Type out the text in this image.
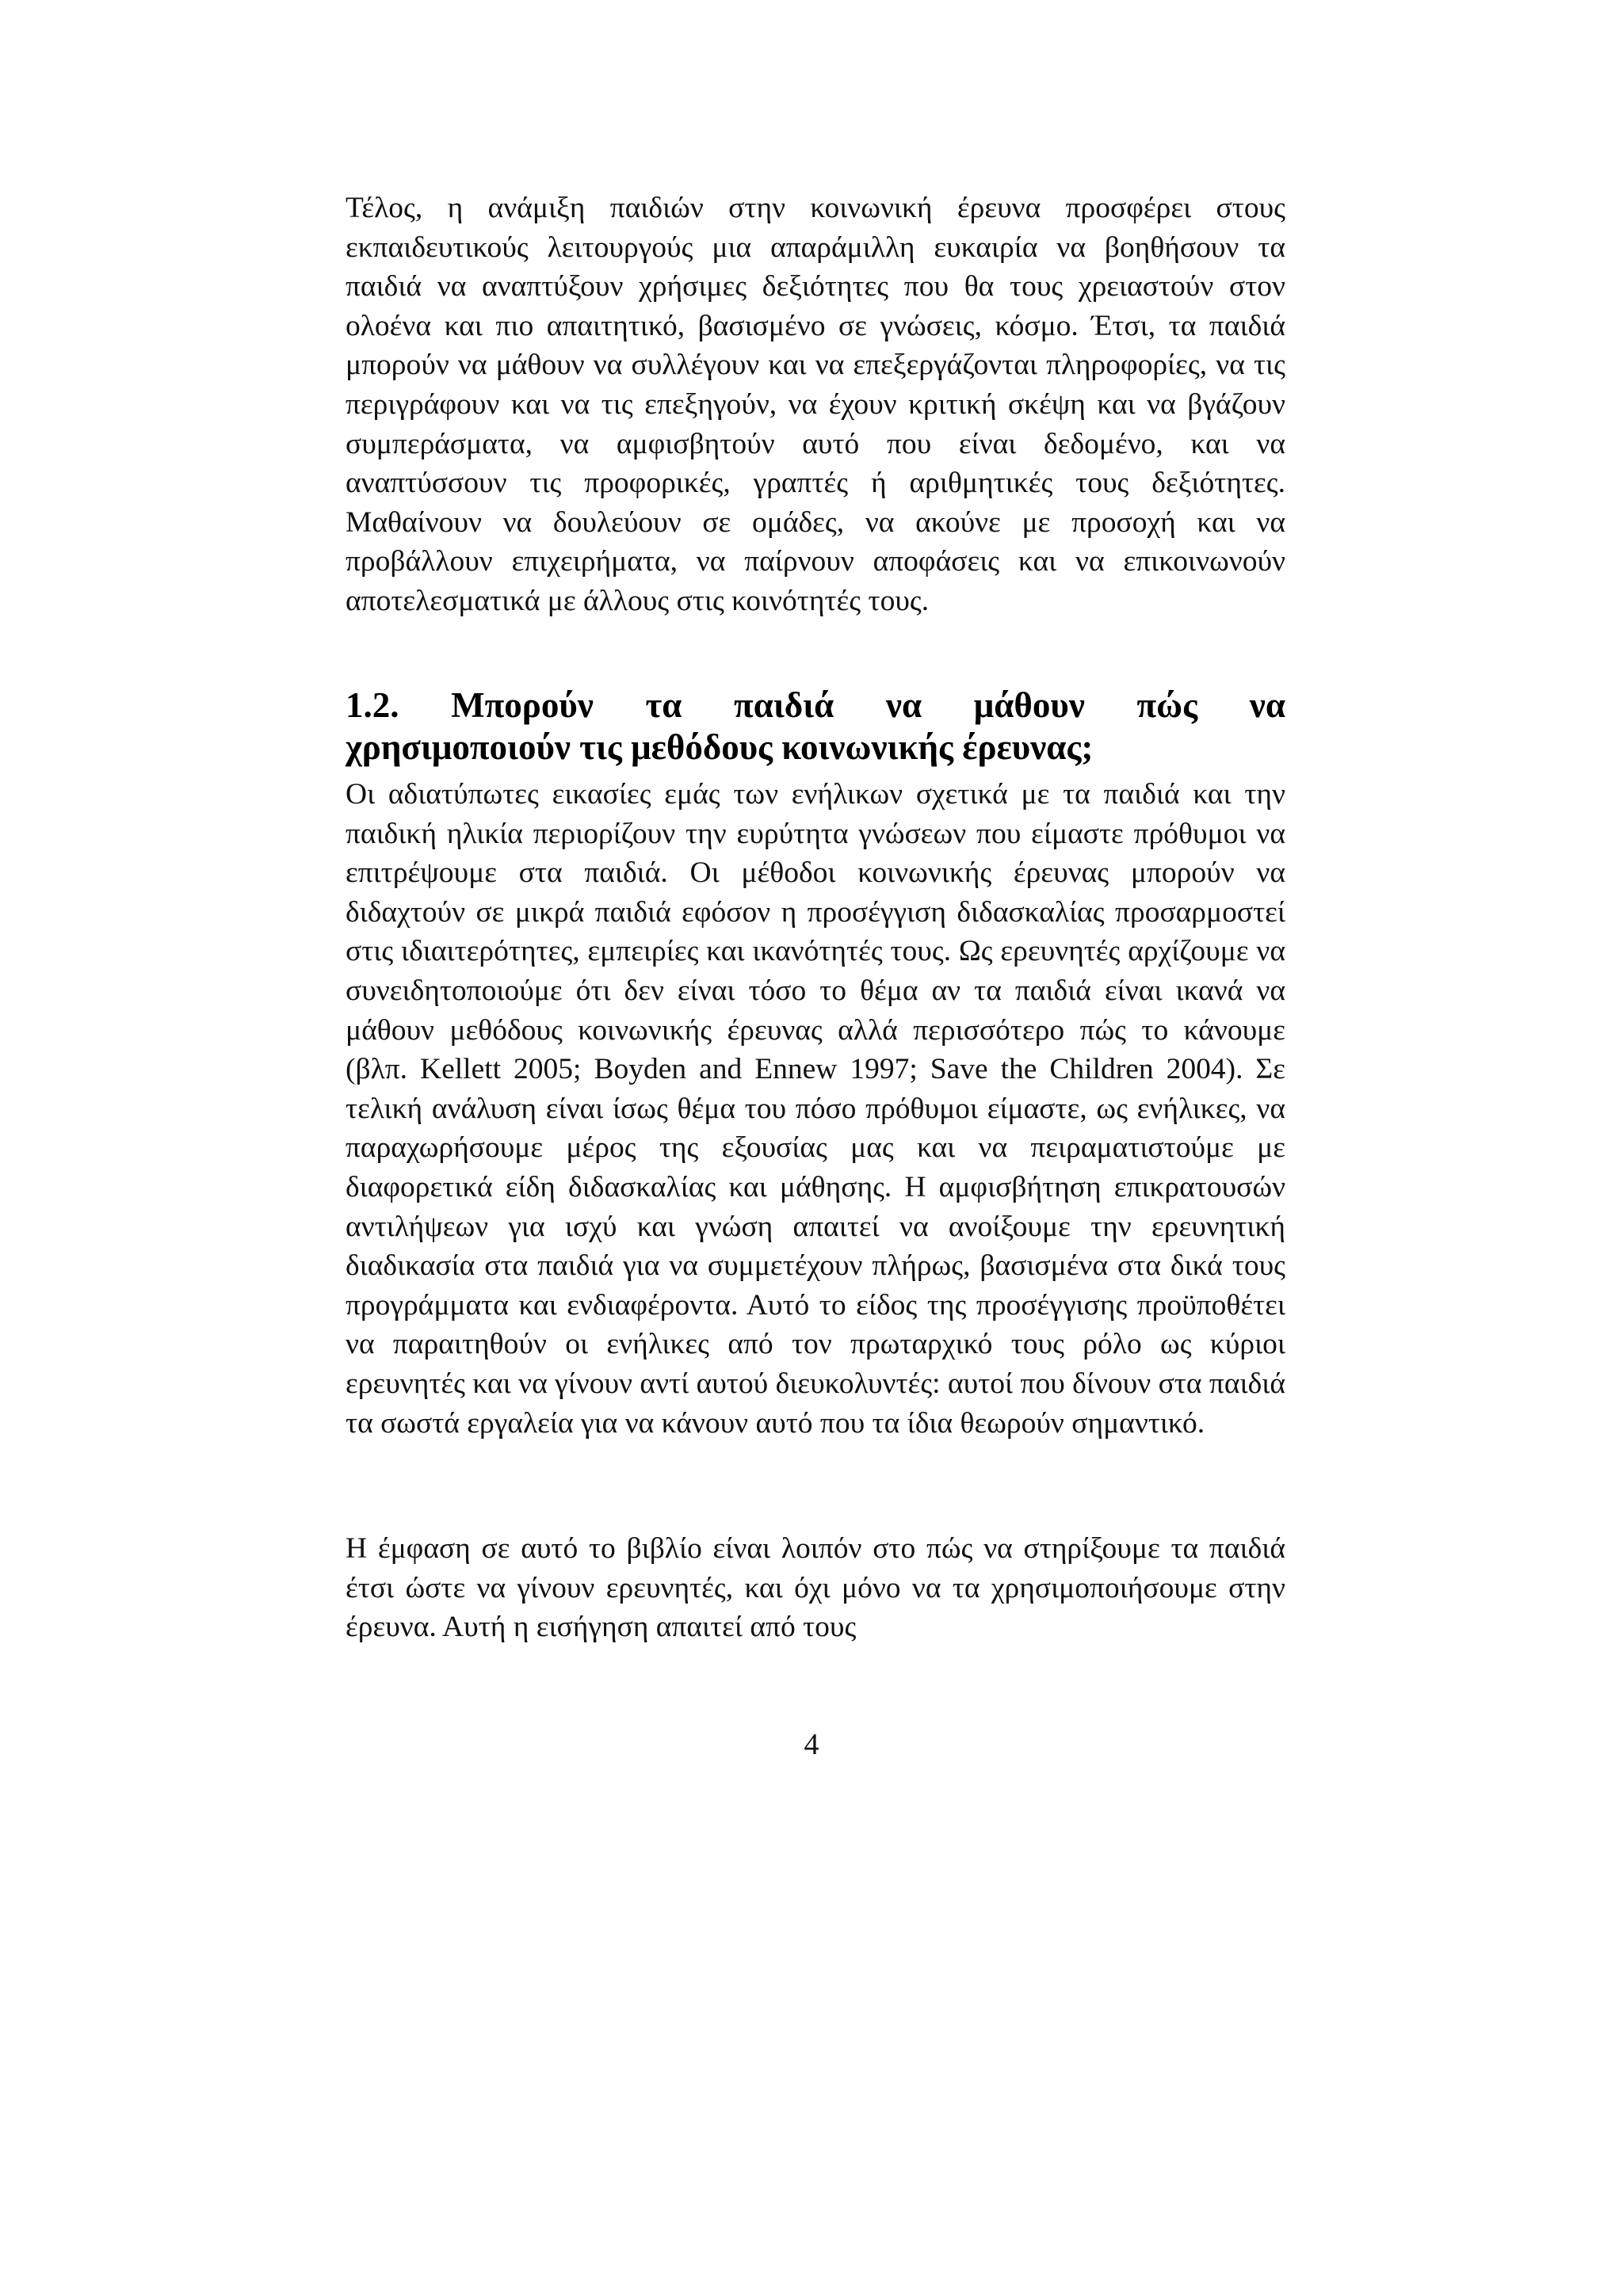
Τέλος, η ανάμιξη παιδιών στην κοινωνική έρευνα προσφέρει στους εκπαιδευτικούς λειτουργούς μια απαράμιλλη ευκαιρία να βοηθήσουν τα παιδιά να αναπτύξουν χρήσιμες δεξιότητες που θα τους χρειαστούν στον ολοένα και πιο απαιτητικό, βασισμένο σε γνώσεις, κόσμο. Έτσι, τα παιδιά μπορούν να μάθουν να συλλέγουν και να επεξεργάζονται πληροφορίες, να τις περιγράφουν και να τις επεξηγούν, να έχουν κριτική σκέψη και να βγάζουν συμπεράσματα, να αμφισβητούν αυτό που είναι δεδομένο, και να αναπτύσσουν τις προφορικές, γραπτές ή αριθμητικές τους δεξιότητες. Μαθαίνουν να δουλεύουν σε ομάδες, να ακούνε με προσοχή και να προβάλλουν επιχειρήματα, να παίρνουν αποφάσεις και να επικοινωνούν αποτελεσματικά με άλλους στις κοινότητές τους.

1.2. Μπορούν τα παιδιά να μάθουν πώς να
χρησιμοποιούν τις μεθόδους κοινωνικής έρευνας;

Οι αδιατύπωτες εικασίες εμάς των ενήλικων σχετικά με τα παιδιά και την παιδική ηλικία περιορίζουν την ευρύτητα γνώσεων που είμαστε πρόθυμοι να επιτρέψουμε στα παιδιά. Οι μέθοδοι κοινωνικής έρευνας μπορούν να διδαχτούν σε μικρά παιδιά εφόσον η προσέγγιση διδασκαλίας προσαρμοστεί στις ιδιαιτερότητες, εμπειρίες και ικανότητές τους. Ως ερευνητές αρχίζουμε να συνειδητοποιούμε ότι δεν είναι τόσο το θέμα αν τα παιδιά είναι ικανά να μάθουν μεθόδους κοινωνικής έρευνας αλλά περισσότερο πώς το κάνουμε (βλπ. Kellett 2005; Boyden and Ennew 1997; Save the Children 2004). Σε τελική ανάλυση είναι ίσως θέμα του πόσο πρόθυμοι είμαστε, ως ενήλικες, να παραχωρήσουμε μέρος της εξουσίας μας και να πειραματιστούμε με διαφορετικά είδη διδασκαλίας και μάθησης. Η αμφισβήτηση επικρατουσών αντιλήψεων για ισχύ και γνώση απαιτεί να ανοίξουμε την ερευνητική διαδικασία στα παιδιά για να συμμετέχουν πλήρως, βασισμένα στα δικά τους προγράμματα και ενδιαφέροντα. Αυτό το είδος της προσέγγισης προϋποθέτει να παραιτηθούν οι ενήλικες από τον πρωταρχικό τους ρόλο ως κύριοι ερευνητές και να γίνουν αντί αυτού διευκολυντές: αυτοί που δίνουν στα παιδιά τα σωστά εργαλεία για να κάνουν αυτό που τα ίδια θεωρούν σημαντικό.

Η έμφαση σε αυτό το βιβλίο είναι λοιπόν στο πώς να στηρίξουμε τα παιδιά έτσι ώστε να γίνουν ερευνητές, και όχι μόνο να τα χρησιμοποιήσουμε στην έρευνα. Αυτή η εισήγηση απαιτεί από τους

4
